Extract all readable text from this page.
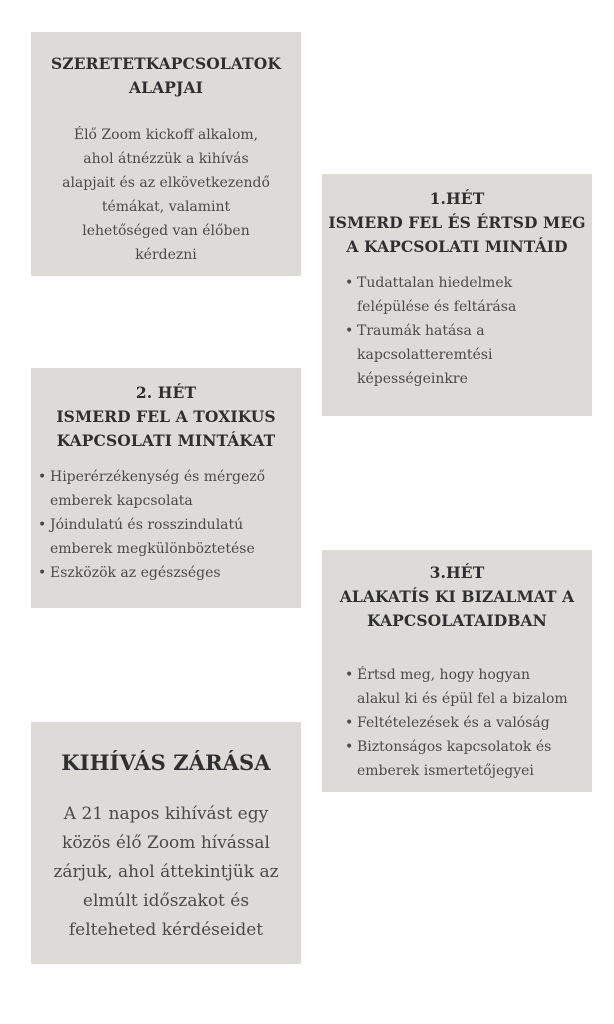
SZERETETKAPCSOLATOK
ALAPJAI

Élő Zoom kickoff alkalom,
ahol átnézzük a kihívás
alapjait és az elkövetkezendő
témákat, valamint
lehetőséged van élőben
kérdezni

1.HÉT
ISMERD FEL ÉS ÉRTSD MEG
A KAPCSOLATI MINTÁID

• Tudattalan hiedelmek
felépülése és feltárása
• Traumák hatása a
kapcsolatteremtési
képességeinkre

2. HÉT
ISMERD FEL A TOXIKUS
KAPCSOLATI MINTÁKAT

• Hiperérzékenység és mérgező
emberek kapcsolata
• Jóindulatú és rosszindulatú
emberek megkülönböztetése
• Eszközök az egészséges	3.HÉT
ALAKATÍS KI BIZALMAT A
KAPCSOLATAIDBAN

• Értsd meg, hogy hogyan
alakul ki és épül fel a bizalom
• Feltételezések és a valóság
• Biztonságos kapcsolatok és
emberek ismertetőjegyei

KIHÍVÁS ZÁRÁSA

A 21 napos kihívást egy
közös élő Zoom hívással
zárjuk, ahol áttekintjük az
elmúlt időszakot és
felteheted kérdéseidet
